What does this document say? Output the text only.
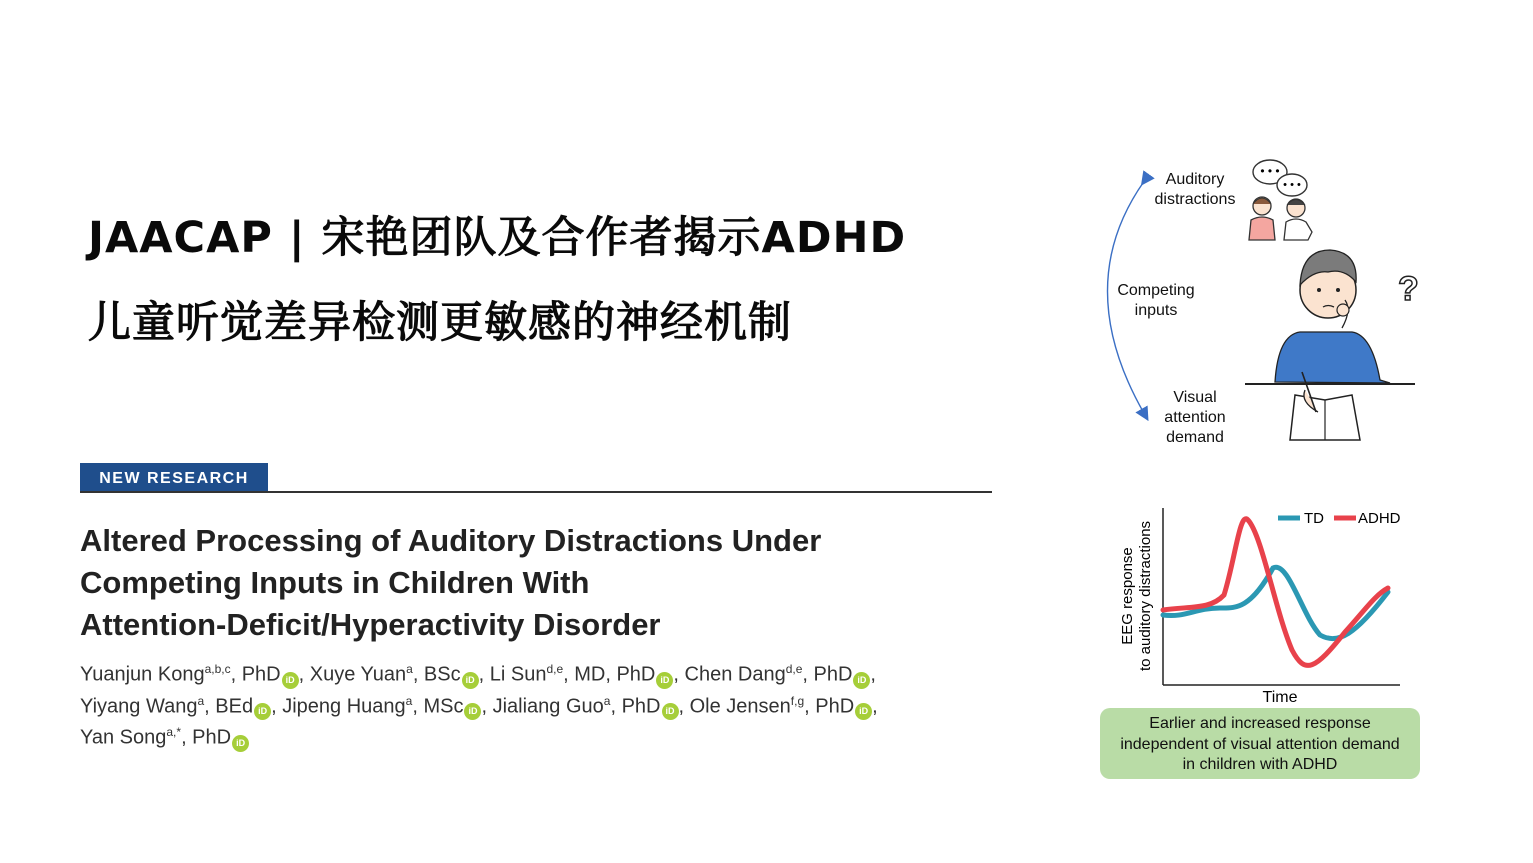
JAACAP | 宋艳团队及合作者揭示ADHD
儿童听觉差异检测更敏感的神经机制
NEW RESEARCH
Altered Processing of Auditory Distractions Under
Competing Inputs in Children With
Attention-Deficit/Hyperactivity Disorder
Yuanjun Kong$^{a,b,c}$, PhD iD , Xuye Yuan$^a$, BSc iD , Li Sun$^{d,e}$, MD, PhD iD , Chen Dang$^{d,e}$, PhD iD ,
Yiyang Wang$^a$, BEd iD , Jipeng Huang$^a$, MSc iD , Jialiang Guo$^a$, PhD iD , Ole Jensen$^{f,g}$, PhD iD ,
Yan Song$^{a,*}$, PhD iD
• • •
• • •
?
Auditory
distractions
Competing
inputs
Visual
attention
demand
Time
EEG response to auditory distractions
TD ADHD
Earlier and increased response
independent of visual attention demand
in children with ADHD
